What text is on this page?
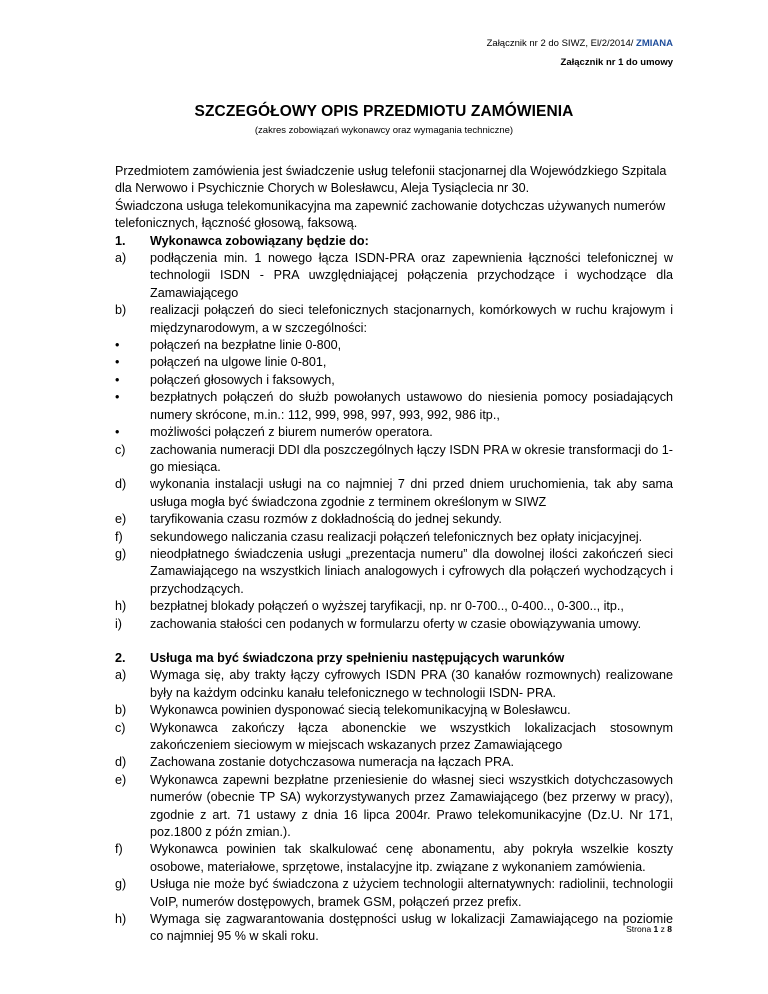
Załącznik nr 2 do SIWZ, El/2/2014/ ZMIANA
Załącznik nr 1 do umowy
SZCZEGÓŁOWY OPIS PRZEDMIOTU ZAMÓWIENIA
(zakres zobowiązań wykonawcy oraz wymagania techniczne)

Przedmiotem zamówienia jest świadczenie usług telefonii stacjonarnej dla Wojewódzkiego Szpitala dla Nerwowo i Psychicznie Chorych w Bolesławcu, Aleja Tysiąclecia nr 30.

Świadczona usługa telekomunikacyjna ma zapewnić zachowanie dotychczas używanych numerów telefonicznych, łączność głosową, faksową.

1.	Wykonawca zobowiązany będzie do:
a)	podłączenia min. 1 nowego łącza ISDN-PRA oraz zapewnienia łączności telefonicznej w technologii ISDN - PRA uwzględniającej połączenia przychodzące i wychodzące dla Zamawiającego
b)	realizacji połączeń do sieci telefonicznych stacjonarnych, komórkowych w ruchu krajowym i międzynarodowym, a w szczególności:
•	połączeń na bezpłatne linie 0-800,
•	połączeń na ulgowe linie 0-801,
•	połączeń głosowych i faksowych,
•	bezpłatnych połączeń do służb powołanych ustawowo do niesienia pomocy posiadających numery skrócone, m.in.: 112, 999, 998, 997, 993, 992, 986 itp.,
•	możliwości połączeń z biurem numerów operatora.
c)	zachowania numeracji DDI dla poszczególnych łączy ISDN PRA w okresie transformacji do 1-go miesiąca.
d)	wykonania instalacji usługi na co najmniej 7 dni przed dniem uruchomienia, tak aby sama usługa mogła być świadczona zgodnie z terminem określonym w SIWZ
e)	taryfikowania czasu rozmów z dokładnością do jednej sekundy.
f)	sekundowego naliczania czasu realizacji połączeń telefonicznych bez opłaty inicjacyjnej.
g)	nieodpłatnego świadczenia usługi „prezentacja numeru” dla dowolnej ilości zakończeń sieci Zamawiającego na wszystkich liniach analogowych i cyfrowych dla połączeń wychodzących i przychodzących.
h)	bezpłatnej blokady połączeń o wyższej taryfikacji, np. nr 0-700.., 0-400.., 0-300.., itp.,
i)	zachowania stałości cen podanych w formularzu oferty w czasie obowiązywania umowy.
2.	Usługa ma być świadczona przy spełnieniu następujących warunków
a)	Wymaga się, aby trakty łączy cyfrowych ISDN PRA (30 kanałów rozmownych) realizowane były na każdym odcinku kanału telefonicznego w technologii ISDN- PRA.
b)	Wykonawca powinien dysponować siecią telekomunikacyjną w Bolesławcu.
c)	Wykonawca zakończy łącza abonenckie we wszystkich lokalizacjach stosownym zakończeniem sieciowym w miejscach wskazanych przez Zamawiającego
d)	Zachowana zostanie dotychczasowa numeracja na łączach PRA.
e)	Wykonawca zapewni bezpłatne przeniesienie do własnej sieci wszystkich dotychczasowych numerów (obecnie TP SA) wykorzystywanych przez Zamawiającego (bez przerwy w pracy), zgodnie z art. 71 ustawy z dnia 16 lipca 2004r. Prawo telekomunikacyjne (Dz.U. Nr 171, poz.1800 z późn zmian.).
f)	Wykonawca powinien tak skalkulować cenę abonamentu, aby pokryła wszelkie koszty osobowe, materiałowe, sprzętowe, instalacyjne itp. związane z wykonaniem zamówienia.
g)	Usługa nie może być świadczona z użyciem technologii alternatywnych: radiolinii, technologii VoIP, numerów dostępowych, bramek GSM, połączeń przez prefix.
h)	Wymaga się zagwarantowania dostępności usług w lokalizacji Zamawiającego na poziomie co najmniej 95 % w skali roku.
Strona 1 z 8
